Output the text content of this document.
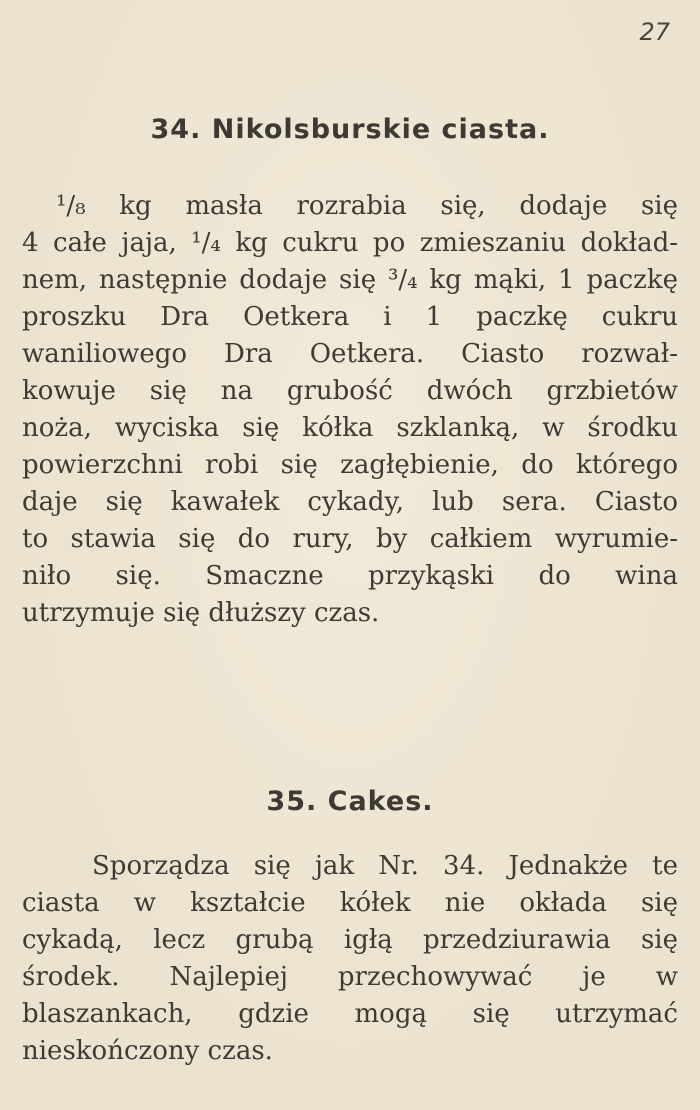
27
34. Nikolsburskie ciasta.
¹/₈ kg masła rozrabia się, dodaje się
4 całe jaja, ¹/₄ kg cukru po zmieszaniu dokład-
nem, następnie dodaje się ³/₄ kg mąki, 1 paczkę
proszku Dra Oetkera i 1 paczkę cukru
waniliowego Dra Oetkera. Ciasto rozwał-
kowuje się na grubość dwóch grzbietów
noża, wyciska się kółka szklanką, w środku
powierzchni robi się zagłębienie, do którego
daje się kawałek cykady, lub sera. Ciasto
to stawia się do rury, by całkiem wyrumie-
niło się. Smaczne przykąski do wina
utrzymuje się dłuższy czas.
35. Cakes.
Sporządza się jak Nr. 34. Jednakże te
ciasta w kształcie kółek nie okłada się
cykadą, lecz grubą igłą przedziurawia się
środek. Najlepiej przechowywać je w
blaszankach, gdzie mogą się utrzymać
nieskończony czas.
